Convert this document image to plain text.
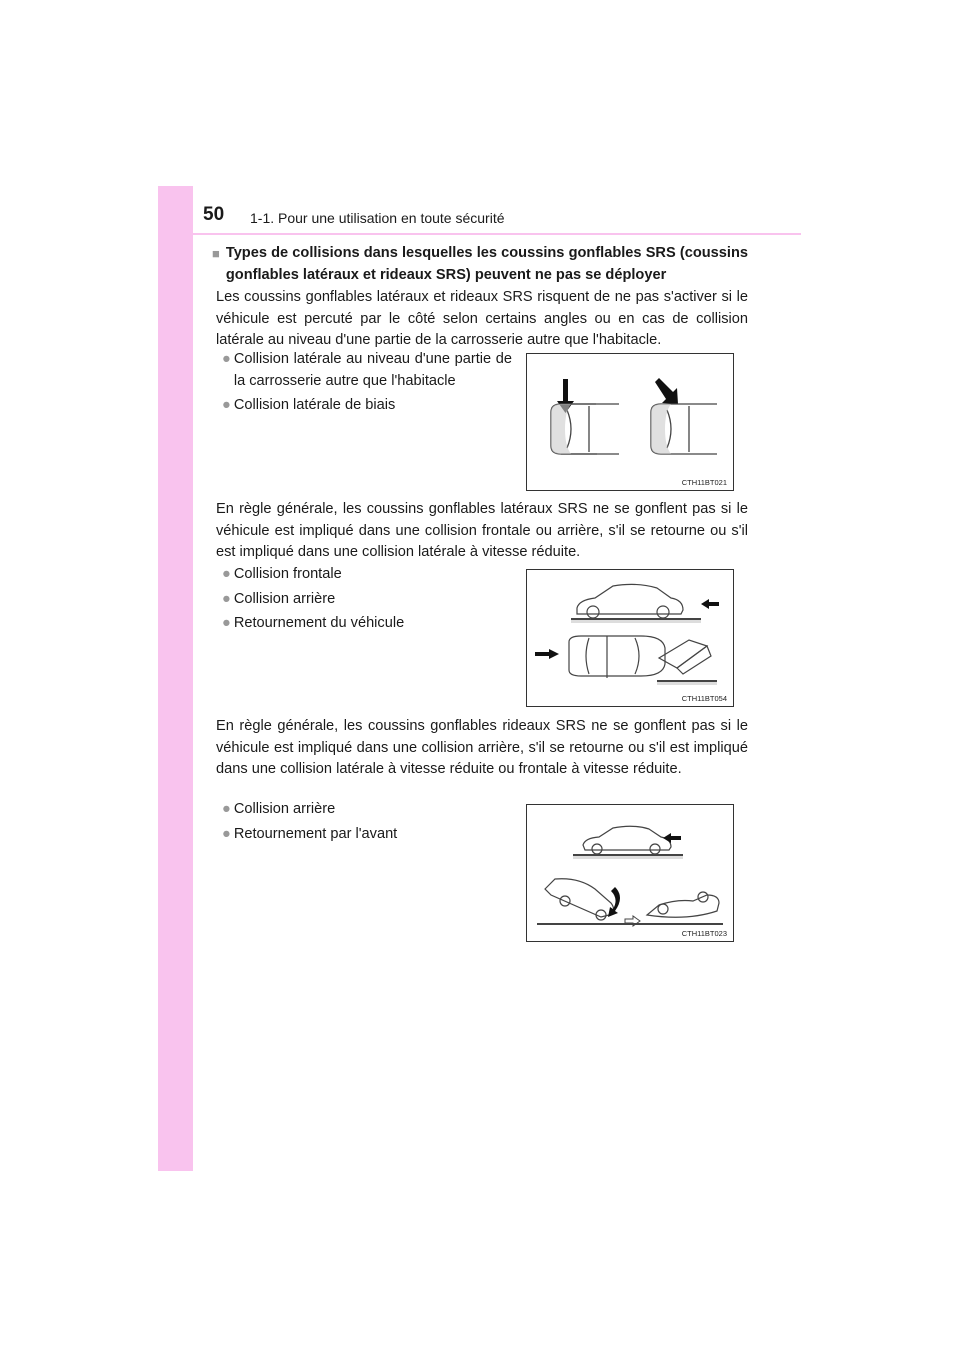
50 1-1. Pour une utilisation en toute sécurité
■ Types de collisions dans lesquelles les coussins gonflables SRS (coussins gonflables latéraux et rideaux SRS) peuvent ne pas se déployer

Les coussins gonflables latéraux et rideaux SRS risquent de ne pas s'activer si le véhicule est percuté par le côté selon certains angles ou en cas de collision latérale au niveau d'une partie de la carrosserie autre que l'habitacle.

● Collision latérale au niveau d'une partie de la carrosserie autre que l'habitacle
● Collision latérale de biais
CTH11BT021

En règle générale, les coussins gonflables latéraux SRS ne se gonflent pas si le véhicule est impliqué dans une collision frontale ou arrière, s'il se retourne ou s'il est impliqué dans une collision latérale à vitesse réduite.

● Collision frontale
● Collision arrière
● Retournement du véhicule
CTH11BT054

En règle générale, les coussins gonflables rideaux SRS ne se gonflent pas si le véhicule est impliqué dans une collision arrière, s'il se retourne ou s'il est impliqué dans une collision latérale à vitesse réduite ou frontale à vitesse réduite.

● Collision arrière
● Retournement par l'avant
CTH11BT023
